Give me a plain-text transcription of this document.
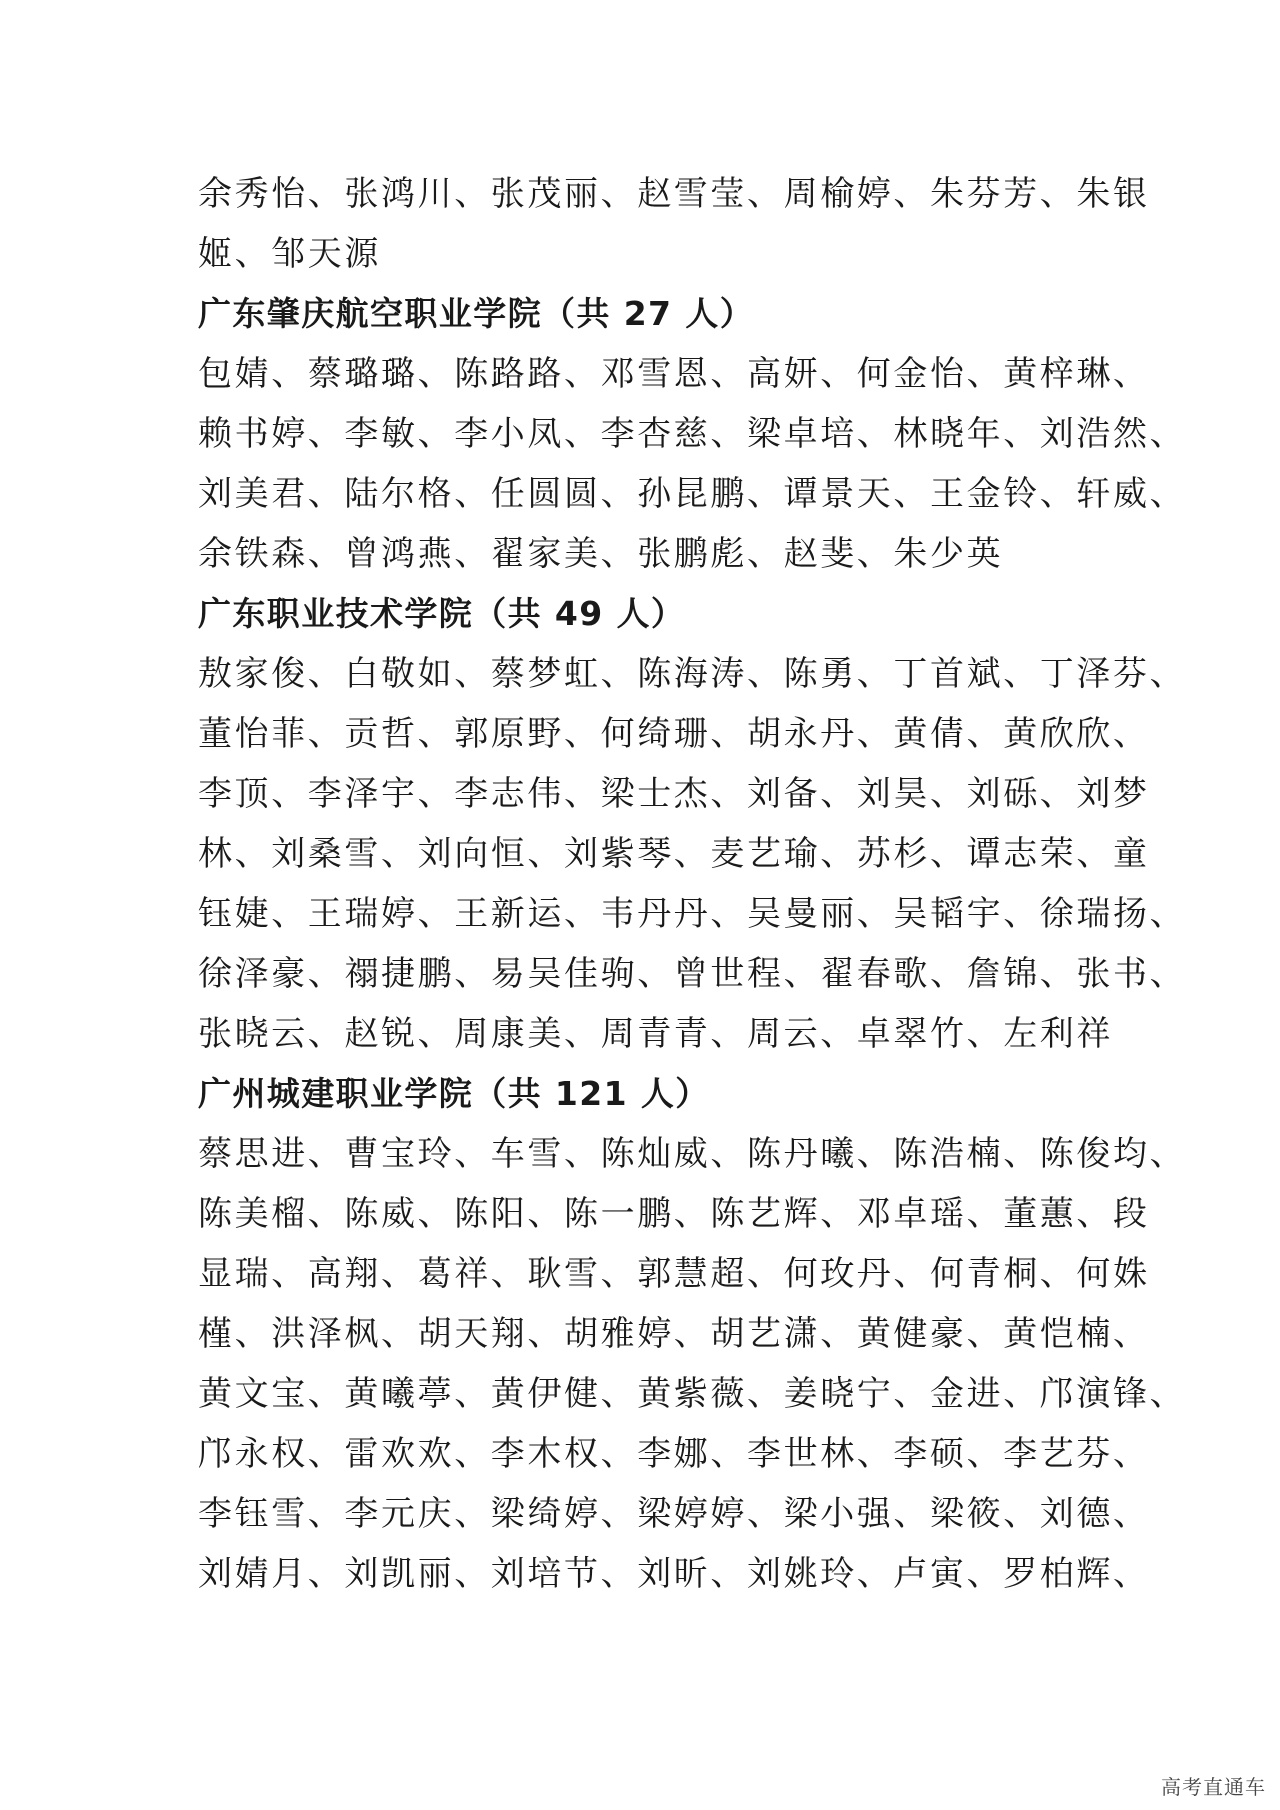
余秀怡、张鸿川、张茂丽、赵雪莹、周榆婷、朱芬芳、朱银
姬、邹天源
广东肇庆航空职业学院（共 27 人）
包婧、蔡璐璐、陈路路、邓雪恩、高妍、何金怡、黄梓琳、
赖书婷、李敏、李小凤、李杏慈、梁卓培、林晓年、刘浩然、
刘美君、陆尔格、任圆圆、孙昆鹏、谭景天、王金铃、轩威、
余铁森、曾鸿燕、翟家美、张鹏彪、赵斐、朱少英
广东职业技术学院（共 49 人）
敖家俊、白敬如、蔡梦虹、陈海涛、陈勇、丁首斌、丁泽芬、
董怡菲、贡哲、郭原野、何绮珊、胡永丹、黄倩、黄欣欣、
李顶、李泽宇、李志伟、梁士杰、刘备、刘昊、刘砾、刘梦
林、刘桑雪、刘向恒、刘紫琴、麦艺瑜、苏杉、谭志荣、童
钰婕、王瑞婷、王新运、韦丹丹、吴曼丽、吴韬宇、徐瑞扬、
徐泽豪、禤捷鹏、易吴佳驹、曾世程、翟春歌、詹锦、张书、
张晓云、赵锐、周康美、周青青、周云、卓翠竹、左利祥
广州城建职业学院（共 121 人）
蔡思进、曹宝玲、车雪、陈灿威、陈丹曦、陈浩楠、陈俊均、
陈美榴、陈威、陈阳、陈一鹏、陈艺辉、邓卓瑶、董蕙、段
显瑞、高翔、葛祥、耿雪、郭慧超、何玫丹、何青桐、何姝
槿、洪泽枫、胡天翔、胡雅婷、胡艺潇、黄健豪、黄恺楠、
黄文宝、黄曦葶、黄伊健、黄紫薇、姜晓宁、金进、邝演锋、
邝永权、雷欢欢、李木权、李娜、李世林、李硕、李艺芬、
李钰雪、李元庆、梁绮婷、梁婷婷、梁小强、梁筱、刘德、
刘婧月、刘凯丽、刘培节、刘昕、刘姚玲、卢寅、罗柏辉、
高考直通车
